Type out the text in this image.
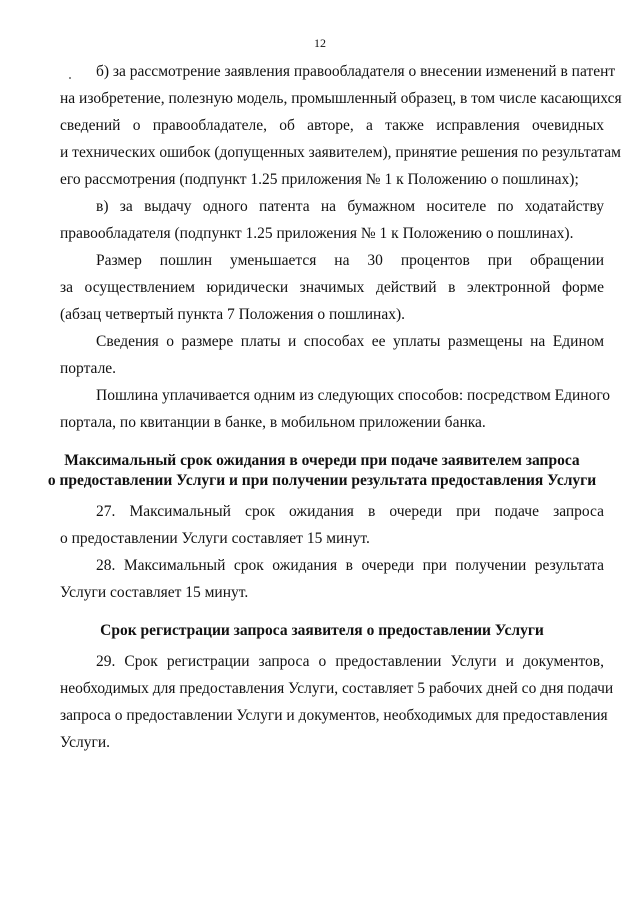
12
б) за рассмотрение заявления правообладателя о внесении изменений в патент
на изобретение, полезную модель, промышленный образец, в том числе касающихся
сведений о правообладателе, об авторе, а также исправления очевидных
и технических ошибок (допущенных заявителем), принятие решения по результатам
его рассмотрения (подпункт 1.25 приложения № 1 к Положению о пошлинах);
в) за выдачу одного патента на бумажном носителе по ходатайству
правообладателя (подпункт 1.25 приложения № 1 к Положению о пошлинах).
Размер пошлин уменьшается на 30 процентов при обращении
за осуществлением юридически значимых действий в электронной форме
(абзац четвертый пункта 7 Положения о пошлинах).
Сведения о размере платы и способах ее уплаты размещены на Едином
портале.
Пошлина уплачивается одним из следующих способов: посредством Единого
портала, по квитанции в банке, в мобильном приложении банка.
Максимальный срок ожидания в очереди при подаче заявителем запроса
о предоставлении Услуги и при получении результата предоставления Услуги
27. Максимальный срок ожидания в очереди при подаче запроса
о предоставлении Услуги составляет 15 минут.
28. Максимальный срок ожидания в очереди при получении результата
Услуги составляет 15 минут.
Срок регистрации запроса заявителя о предоставлении Услуги
29. Срок регистрации запроса о предоставлении Услуги и документов,
необходимых для предоставления Услуги, составляет 5 рабочих дней со дня подачи
запроса о предоставлении Услуги и документов, необходимых для предоставления
Услуги.
